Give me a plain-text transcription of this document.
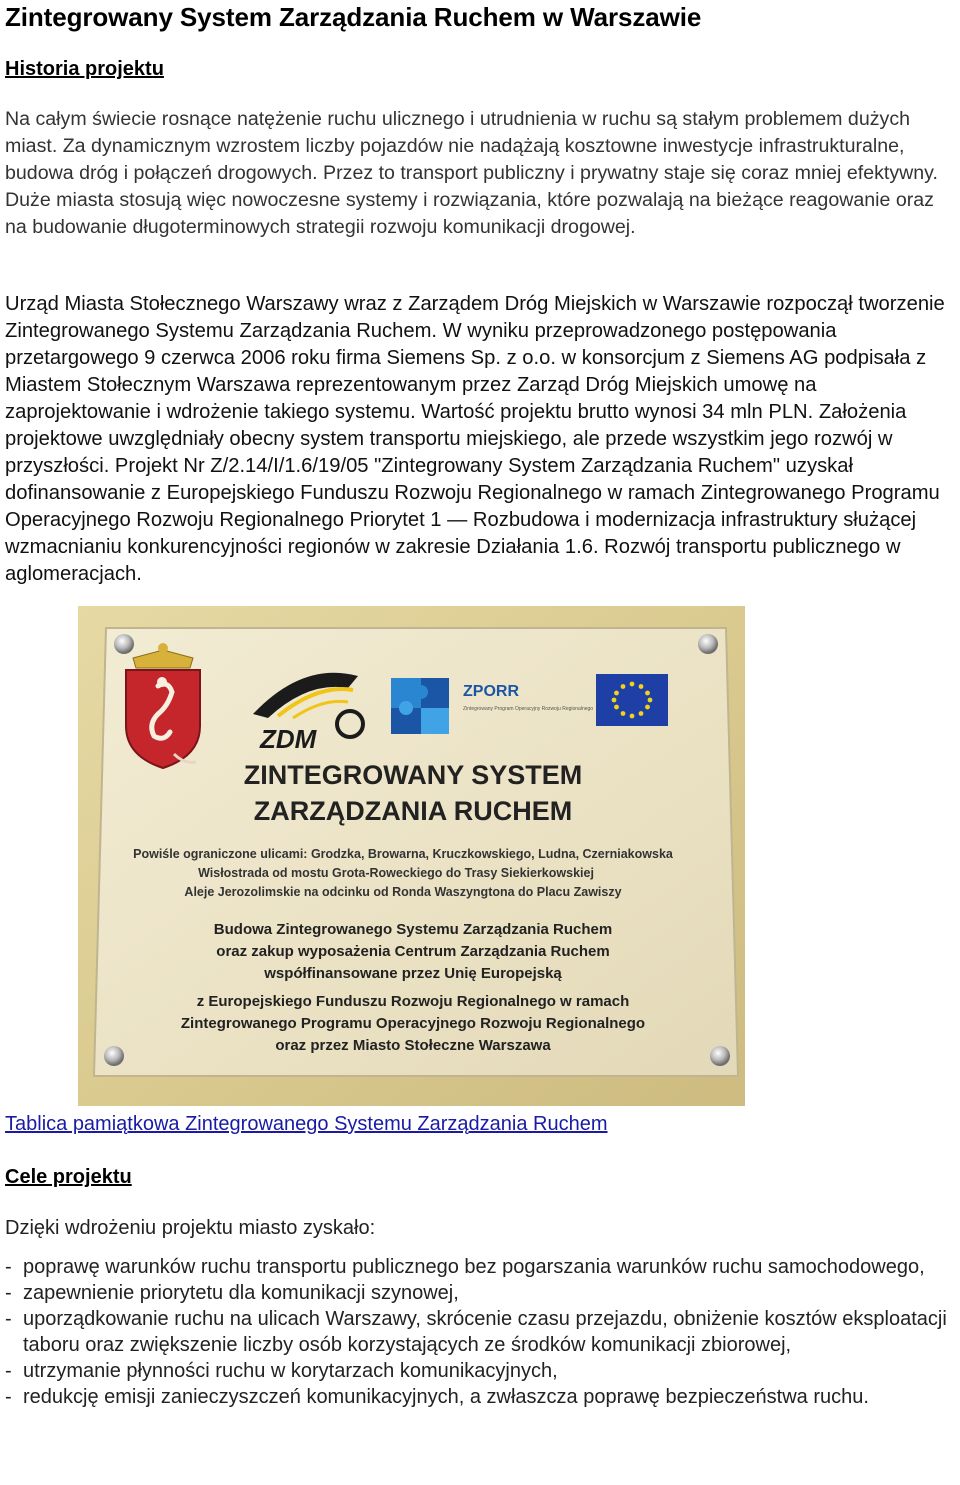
Zintegrowany System Zarządzania Ruchem w Warszawie

Historia projektu

Na całym świecie rosnące natężenie ruchu ulicznego i utrudnienia w ruchu są stałym problemem dużych miast. Za dynamicznym wzrostem liczby pojazdów nie nadążają kosztowne inwestycje infrastrukturalne, budowa dróg i połączeń drogowych. Przez to transport publiczny i prywatny staje się coraz mniej efektywny. Duże miasta stosują więc nowoczesne systemy i rozwiązania, które pozwalają na bieżące reagowanie oraz na budowanie długoterminowych strategii rozwoju komunikacji drogowej.

Urząd Miasta Stołecznego Warszawy wraz z Zarządem Dróg Miejskich w Warszawie rozpoczął tworzenie Zintegrowanego Systemu Zarządzania Ruchem. W wyniku przeprowadzonego postępowania przetargowego 9 czerwca 2006 roku firma Siemens Sp. z o.o. w konsorcjum z Siemens AG podpisała z Miastem Stołecznym Warszawa reprezentowanym przez Zarząd Dróg Miejskich umowę na zaprojektowanie i wdrożenie takiego systemu. Wartość projektu brutto wynosi 34 mln PLN. Założenia projektowe uwzględniały obecny system transportu miejskiego, ale przede wszystkim jego rozwój w przyszłości. Projekt Nr Z/2.14/I/1.6/19/05 "Zintegrowany System Zarządzania Ruchem" uzyskał dofinansowanie z Europejskiego Funduszu Rozwoju Regionalnego w ramach Zintegrowanego Programu Operacyjnego Rozwoju Regionalnego Priorytet 1 — Rozbudowa i modernizacja infrastruktury służącej wzmacnianiu konkurencyjności regionów w zakresie Działania 1.6. Rozwój transportu publicznego w aglomeracjach.

ZDM
ZPORR
Zintegrowany Program Operacyjny Rozwoju Regionalnego
ZINTEGROWANY SYSTEM
ZARZĄDZANIA RUCHEM
Powiśle ograniczone ulicami: Grodzka, Browarna, Kruczkowskiego, Ludna, Czerniakowska
Wisłostrada od mostu Grota-Roweckiego do Trasy Siekierkowskiej
Aleje Jerozolimskie na odcinku od Ronda Waszyngtona do Placu Zawiszy
Budowa Zintegrowanego Systemu Zarządzania Ruchem
oraz zakup wyposażenia Centrum Zarządzania Ruchem
współfinansowane przez Unię Europejską
z Europejskiego Funduszu Rozwoju Regionalnego w ramach
Zintegrowanego Programu Operacyjnego Rozwoju Regionalnego
oraz przez Miasto Stołeczne Warszawa

Tablica pamiątkowa Zintegrowanego Systemu Zarządzania Ruchem

Cele projektu

Dzięki wdrożeniu projektu miasto zyskało:

- poprawę warunków ruchu transportu publicznego bez pogarszania warunków ruchu samochodowego,
- zapewnienie priorytetu dla komunikacji szynowej,
- uporządkowanie ruchu na ulicach Warszawy, skrócenie czasu przejazdu, obniżenie kosztów eksploatacji taboru oraz zwiększenie liczby osób korzystających ze środków komunikacji zbiorowej,
- utrzymanie płynności ruchu w korytarzach komunikacyjnych,
- redukcję emisji zanieczyszczeń komunikacyjnych, a zwłaszcza poprawę bezpieczeństwa ruchu.
